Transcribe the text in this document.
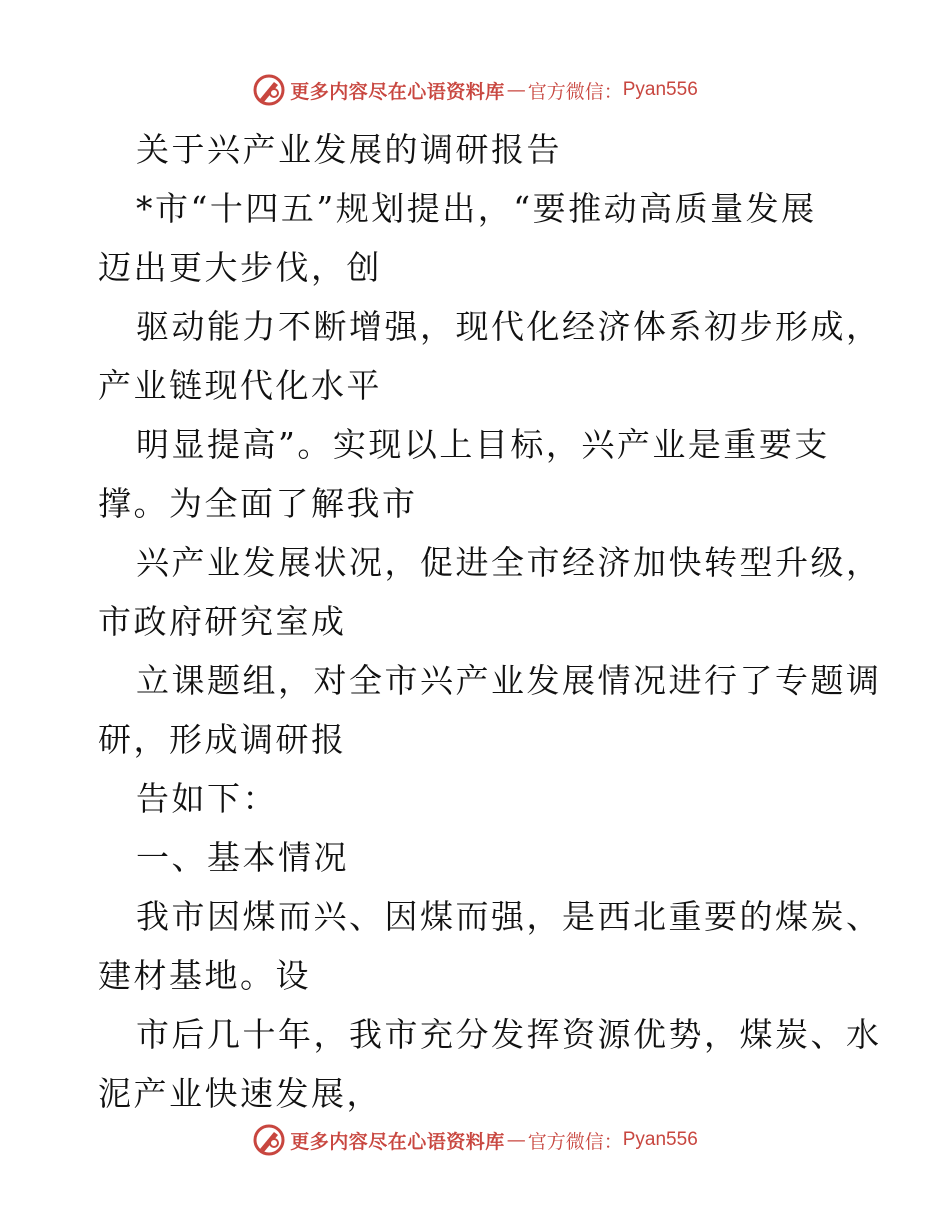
更多内容尽在心语资料库 — 官方微信： Pyan556
关于兴产业发展的调研报告
*市“十四五”规划提出，“要推动高质量发展
迈出更大步伐，创
驱动能力不断增强，现代化经济体系初步形成，
产业链现代化水平
明显提高”。实现以上目标，兴产业是重要支
撑。为全面了解我市
兴产业发展状况，促进全市经济加快转型升级，
市政府研究室成
立课题组，对全市兴产业发展情况进行了专题调
研，形成调研报
告如下：
一、基本情况
我市因煤而兴、因煤而强，是西北重要的煤炭、
建材基地。设
市后几十年，我市充分发挥资源优势，煤炭、水
泥产业快速发展，
更多内容尽在心语资料库 — 官方微信： Pyan556
